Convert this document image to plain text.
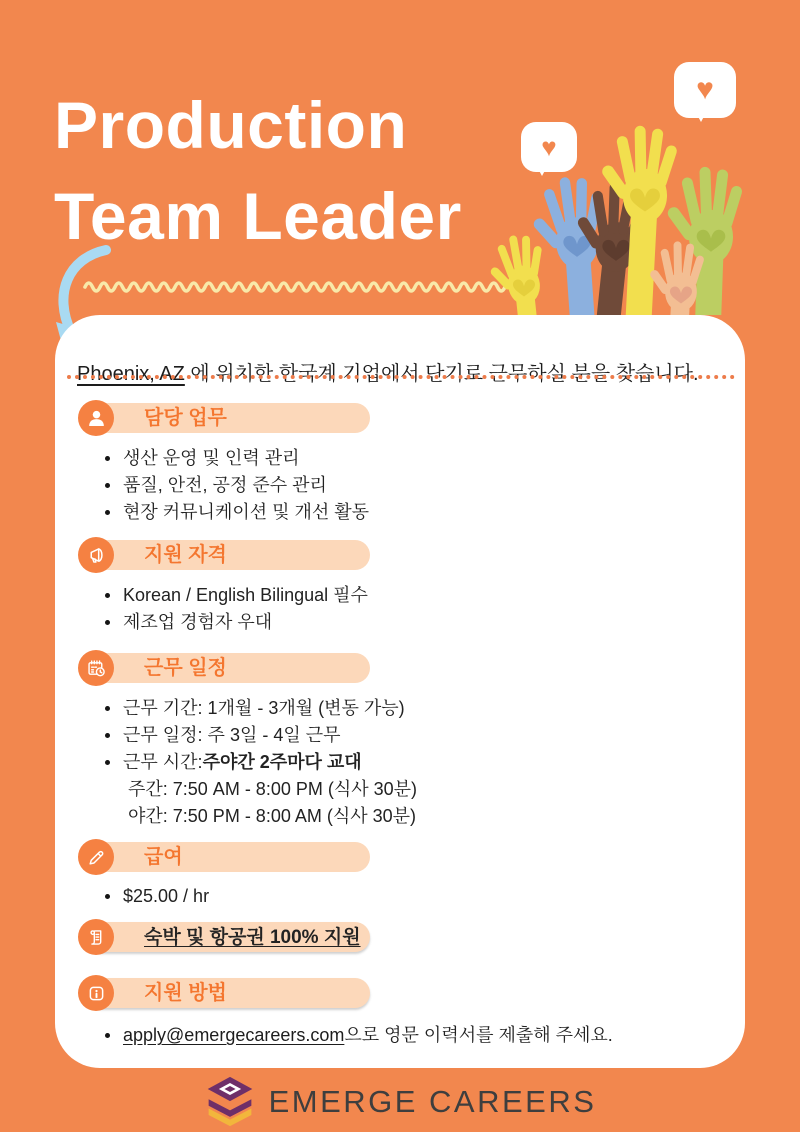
Production
Team Leader
♥
♥

Phoenix, AZ 에 위치한 한국계 기업에서 단기로 근무하실 분을 찾습니다.

담당 업무
생산 운영 및 인력 관리
품질, 안전, 공정 준수 관리
현장 커뮤니케이션 및 개선 활동
지원 자격
Korean / English Bilingual 필수
제조업 경험자 우대
근무 일정
근무 기간: 1개월 - 3개월 (변동 가능)
근무 일정: 주 3일 - 4일 근무
근무 시간: 주야간 2주마다 교대
주간: 7:50 AM - 8:00 PM (식사 30분)
야간: 7:50 PM - 8:00 AM (식사 30분)
급여
$25.00 / hr
숙박 및 항공권 100% 지원
지원 방법
apply@emergecareers.com 으로 영문 이력서를 제출해 주세요.
EMERGE CAREERS
